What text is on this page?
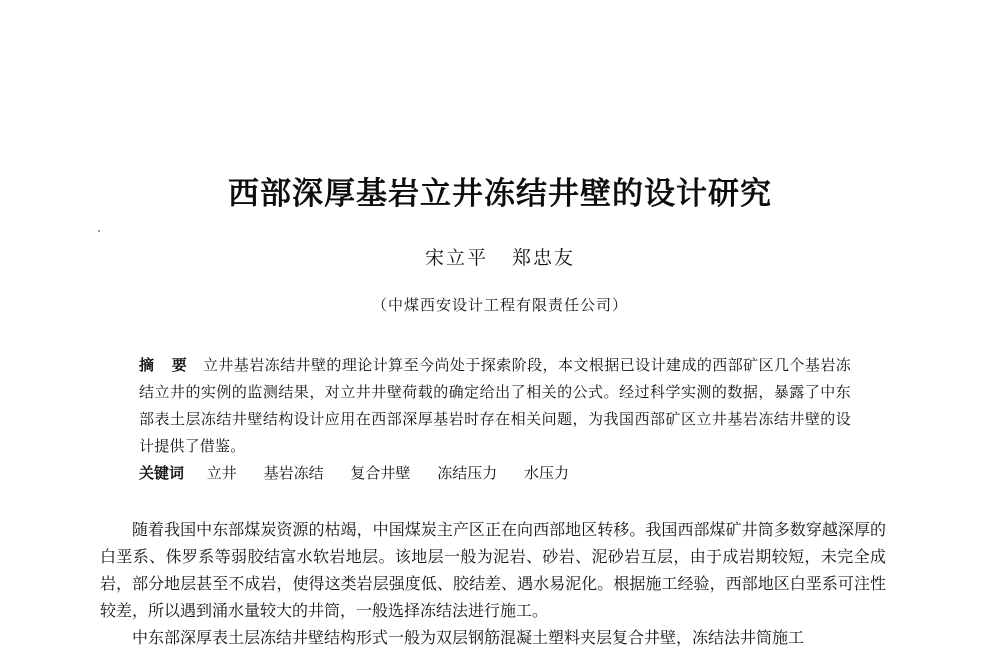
西部深厚基岩立井冻结井壁的设计研究
宋立平   郑忠友
（中煤西安设计工程有限责任公司）
摘 要 立井基岩冻结井壁的理论计算至今尚处于探索阶段，本文根据已设计建成的西部矿区几个基岩冻结立井的实例的监测结果，对立井井壁荷载的确定给出了相关的公式。经过科学实测的数据，暴露了中东部表土层冻结井壁结构设计应用在西部深厚基岩时存在相关问题，为我国西部矿区立井基岩冻结井壁的设计提供了借鉴。
关键词 立井 基岩冻结 复合井壁 冻结压力 水压力

随着我国中东部煤炭资源的枯竭，中国煤炭主产区正在向西部地区转移。我国西部煤矿井筒多数穿越深厚的白垩系、侏罗系等弱胶结富水软岩地层。该地层一般为泥岩、砂岩、泥砂岩互层，由于成岩期较短，未完全成岩，部分地层甚至不成岩，使得这类岩层强度低、胶结差、遇水易泥化。根据施工经验，西部地区白垩系可注性较差，所以遇到涌水量较大的井筒，一般选择冻结法进行施工。

中东部深厚表土层冻结井壁结构形式一般为双层钢筋混凝土塑料夹层复合井壁，冻结法井筒施工
